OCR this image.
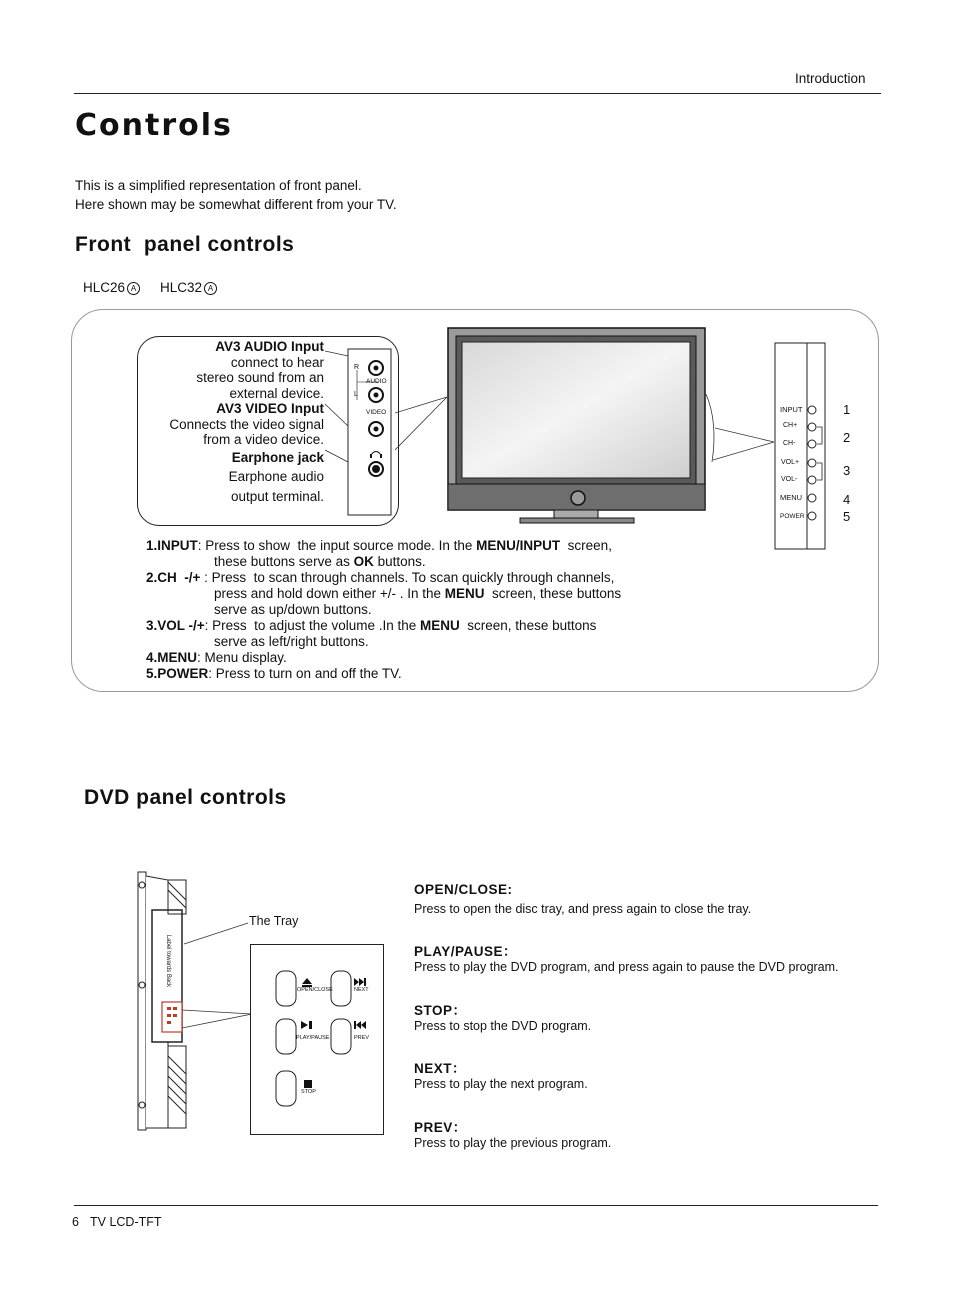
Introduction
Controls
This is a simplified representation of front panel.
Here shown may be somewhat different from your TV.
Front  panel controls
HLC26 A HLC32 A
AV3 AUDIO Input
connect to hear
stereo sound from an
external device.
AV3 VIDEO Input
Connects the video signal
from a video device.
Earphone jack
Earphone audio
output terminal.
R
AUDIO
L
VIDEO	INPUT
CH+
CH-
VOL+
VOL-
MENU
POWER
1
2
3
4
5
1.INPUT: Press to show  the input source mode. In the MENU/INPUT  screen,
these buttons serve as OK buttons.
2.CH  -/+ : Press  to scan through channels. To scan quickly through channels,
press and hold down either +/- . In the MENU  screen, these buttons
serve as up/down buttons.
3.VOL -/+: Press  to adjust the volume .In the MENU  screen, these buttons
serve as left/right buttons.
4.MENU: Menu display.
5.POWER: Press to turn on and off the TV.
DVD panel controls
Label towards Back
The Tray
OPEN/CLOSE	NEXT
PLAY/PAUSE	PREV
STOP
OPEN/CLOSE:
Press to open the disc tray, and press again to close the tray.
PLAY/PAUSE：
Press to play the DVD program, and press again to pause the DVD program.
STOP：
Press to stop the DVD program.
NEXT：
Press to play the next program.
PREV：
Press to play the previous program.
6 TV LCD-TFT
